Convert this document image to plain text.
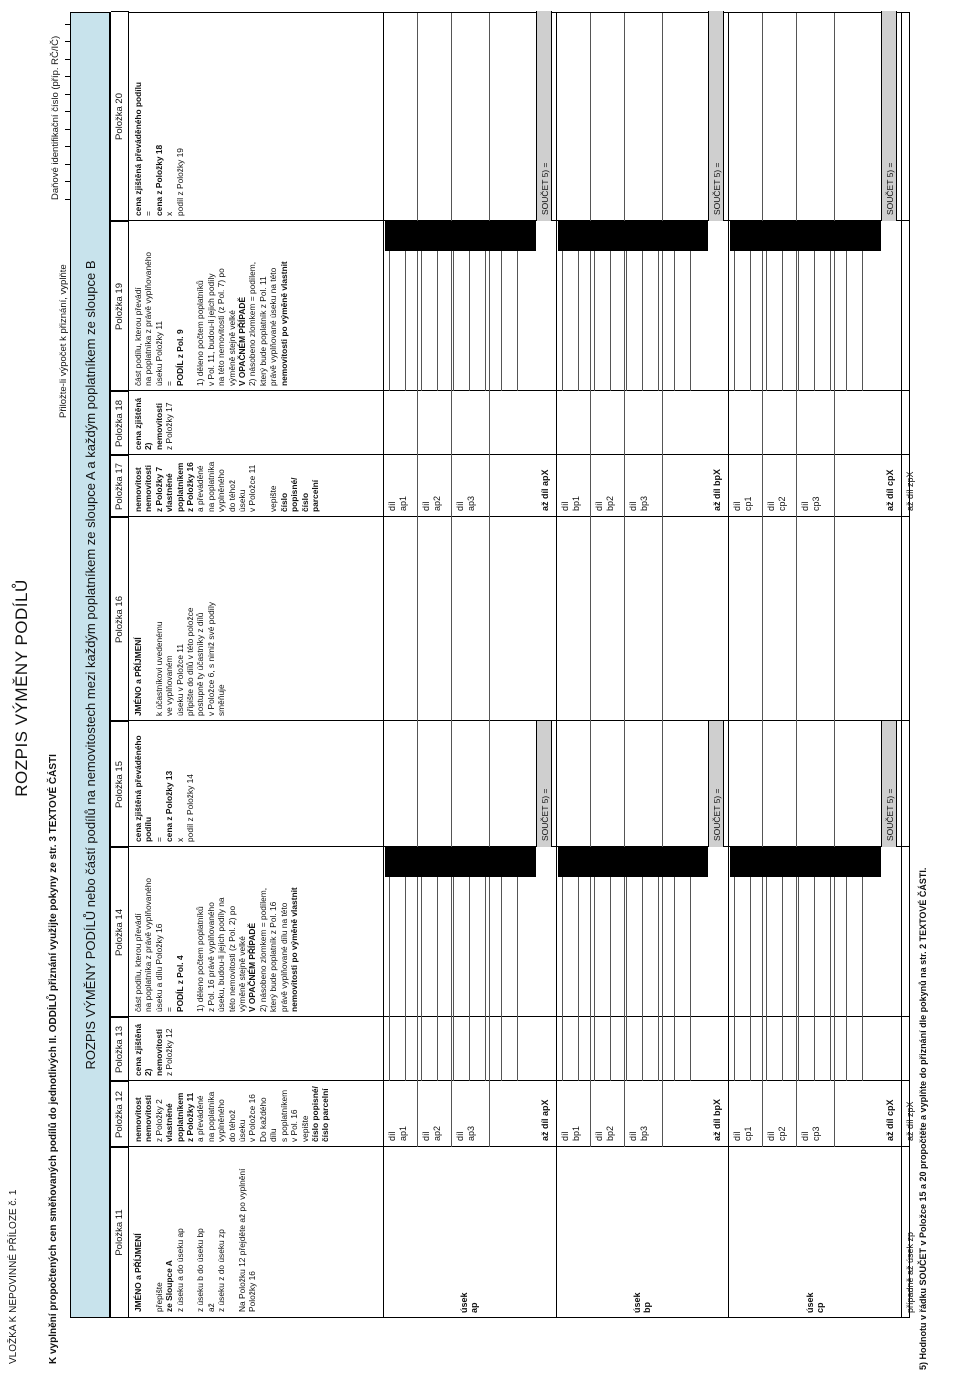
VLOŽKA K NEPOVINNÉ PŘÍLOZE č. 1	K vyplnění propočtených cen směňovaných podílů do jednotlivých II. ODDÍLŮ přiznání využijte pokyny ze str. 3 TEXTOVÉ ČÁSTI
ROZPIS VÝMĚNY PODÍLŮ
Přiložte-li výpočet k přiznání, vyplňte
Daňové identifikační číslo (příp. RČ/IČ)
ROZPIS VÝMĚNY PODÍLŮ nebo částí podílů na nemovitostech mezi každým poplatníkem ze sloupce A a každým poplatníkem ze sloupce B
Položka 11
JMÉNO a PŘÍJMENÍ
přepište ze Sloupce A z úseku a do úseku ap
z úseku b do úseku bp až z úseku z do úseku zp
Na Položku 12 přejděte až po vyplnění Položky 16
Položka 12 nemovitost nemovitosti z Položky 2 vlastněné poplatníkem z Položky 11 a převáděné na poplatníka vyplněného do téhož úseku v Položce 16 Do každého dílu s poplatníkem v Pol. 16 vepište číslo popisné/ číslo parcelní
Položka 13 cena zjištěná 2) nemovitosti z Položky 12
Položka 14 část podílu, kterou převádí na poplatníka z právě vyplňovaného úseku a dílu Položky 16 = PODÍL z Pol. 4
1) děleno počtem poplatníků z Pol. 16 právě vyplňovaného úseku, budou-li jejich podíly na této nemovitosti (z Pol. 2) po výměně stejně velké V OPAČNÉM PŘÍPADĚ 2) násobeno zlomkem = podílem, který bude poplatník z Pol. 16 právě vyplňované dílu na této nemovitosti po výměně vlastnit
Položka 15 cena zjištěná převáděného podílu = cena z Položky 13 x podíl z Položky 14
Položka 16
JMÉNO a PŘÍJMENÍ
k účastníkovi uvedenému ve vyplňovaném úseku v Položce 11 připište do dílů v této položce postupně ty účastníky z dílů v Položce 6, s nimiž své podíly směňuje
Položka 17 nemovitost nemovitosti z Položky 7 vlastněné poplatníkem z Položky 16 a převáděné na poplatníka vyplněného do téhož úseku v Položce 11
vepište číslo popisné/ číslo parcelní
Položka 18 cena zjištěná 2) nemovitosti z Položky 17
Položka 19 část podílu, kterou převádí na poplatníka z právě vyplňovaného úseku Položky 11 = PODÍL z Pol. 9
1) děleno počtem poplatníků v Pol. 11, budou-li jejich podíly na této nemovitosti (z Pol. 7) po výměně stejně velké V OPAČNÉM PŘÍPADĚ 2) násobeno zlomkem = podílem, který bude poplatník z Pol. 11 právě vyplňované úseku na této nemovitosti po výměně vlastnit
Položka 20 cena zjištěná převáděného podílu = cena z Položky 18 x podíl z Položky 19
úsek ap
díl ap1
díl ap1
díl ap2
díl ap2
díl ap3
díl ap3
až díl apX
až díl apX
SOUČET 5) =
SOUČET 5) =
úsek bp
díl bp1
díl bp1
díl bp2
díl bp2
díl bp3
díl bp3
až díl bpX
až díl bpX
SOUČET 5) =
SOUČET 5) =
úsek cp
díl cp1
díl cp1
díl cp2
díl cp2
díl cp3
díl cp3
až díl cpX
až díl cpX
SOUČET 5) =
SOUČET 5) =
případně až úsek zp
až díl zpX
až díl zpX
5) Hodnotu v řádku SOUČET v Položce 15 a 20 propočtěte a vyplňte do přiznání dle pokynů na str. 2 TEXTOVÉ ČÁSTI.
